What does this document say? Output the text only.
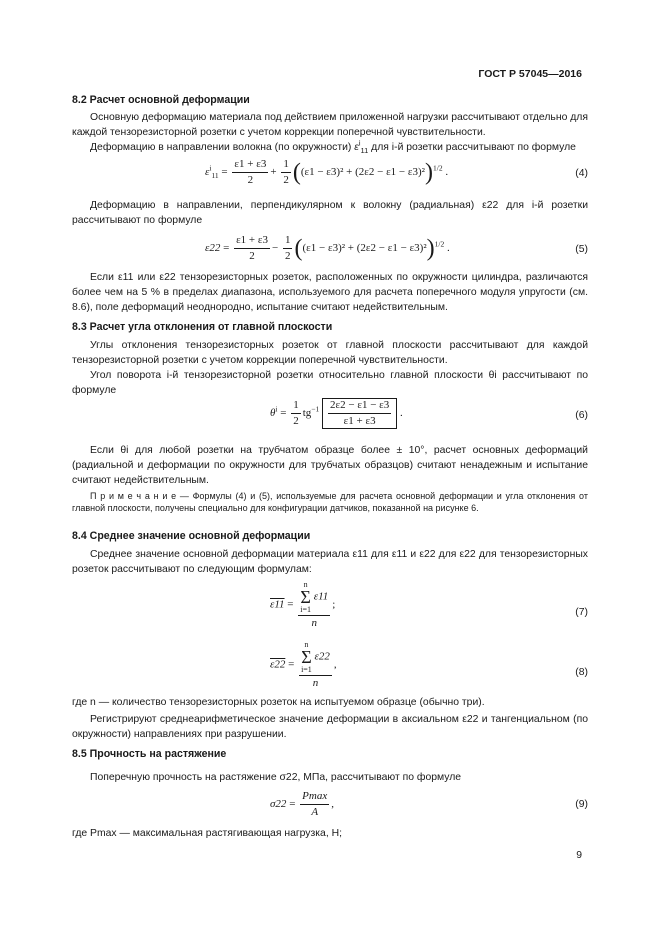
ГОСТ Р 57045—2016
8.2 Расчет основной деформации
Основную деформацию материала под действием приложенной нагрузки рассчитывают отдельно для каждой тензорезисторной розетки с учетом коррекции поперечной чувствительности.
Деформацию в направлении волокна (по окружности) $\varepsilon^i_{11}$ для i-й розетки рассчитывают по формуле
$\varepsilon^i_{11} = \frac{\varepsilon 1 + \varepsilon 3}{2} + \frac{1}{2} ((\varepsilon 1 - \varepsilon 3)^2 + (2\varepsilon 2 - \varepsilon 1 - \varepsilon 3)^2)^{1/2}$ .	(4)
Деформацию в направлении, перпендикулярном к волокну (радиальная) ε22 для i-й розетки рассчитывают по формуле
$\varepsilon 22 = \frac{\varepsilon 1 + \varepsilon 3}{2} - \frac{1}{2} ((\varepsilon 1 - \varepsilon 3)^2 + (2\varepsilon 2 - \varepsilon 1 - \varepsilon 3)^2)^{1/2}$ .	(5)
Если ε11 или ε22 тензорезисторных розеток, расположенных по окружности цилиндра, различаются более чем на 5 % в пределах диапазона, используемого для расчета поперечного модуля упругости (см. 8.6), поле деформаций неоднородно, испытание считают недействительным.
8.3 Расчет угла отклонения от главной плоскости
Углы отклонения тензорезисторных розеток от главной плоскости рассчитывают для каждой тензорезисторной розетки с учетом коррекции поперечной чувствительности.
Угол поворота i-й тензорезисторной розетки относительно главной плоскости θi рассчитывают по формуле
$\theta^i = \frac{1}{2} tg^{-1} \frac{2\varepsilon 2 - \varepsilon 1 - \varepsilon 3}{\varepsilon 1 + \varepsilon 3}$ .	(6)
Если θi для любой розетки на трубчатом образце более ± 10°, расчет основных деформаций (радиальной и деформации по окружности для трубчатых образцов) считают ненадежным и испытание считают недействительным.
П р и м е ч а н и е — Формулы (4) и (5), используемые для расчета основной деформации и угла отклонения от главной плоскости, получены специально для конфигурации датчиков, показанной на рисунке 6.
8.4 Среднее значение основной деформации
Среднее значение основной деформации материала ε11 для ε11 и ε22 для ε22 для тензорезисторных розеток рассчитывают по следующим формулам:
ε11 = n
Σ
i=1
ε11
n ;
(7)
ε22 = n
Σ
i=1
ε22
n ,
(8)
где n — количество тензорезисторных розеток на испытуемом образце (обычно три).
Регистрируют среднеарифметическое значение деформации в аксиальном ε22 и тангенциальном (по окружности) направлениях при разрушении.
8.5 Прочность на растяжение
Поперечную прочность на растяжение σ22, МПа, рассчитывают по формуле
$\sigma 22 = \frac{Pmax}{A}$ ,	(9)
где Pmax — максимальная растягивающая нагрузка, Н;
9
